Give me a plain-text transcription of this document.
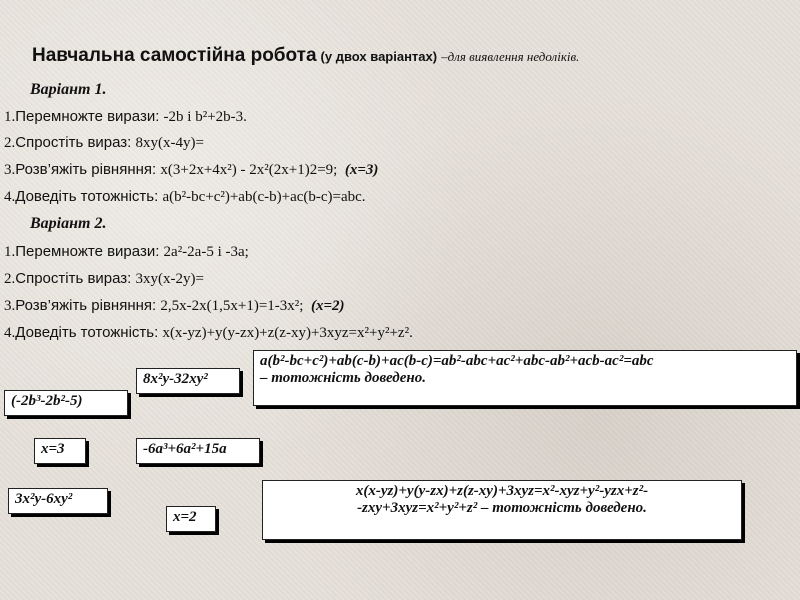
Навчальна самостійна робота (у двох варіантах) –для виявлення недоліків.
Варіант 1.
1.Перемножте вирази: -2b і b²+2b-3.
2.Спростіть вираз: 8xy(x-4y)=
3.Розв’яжіть рівняння: x(3+2x+4x²) - 2x²(2x+1)2=9; (x=3)
4.Доведіть тотожність: a(b²-bc+c²)+ab(c-b)+ac(b-c)=abc.
Варіант 2.
1.Перемножте вирази: 2a²-2a-5 і -3a;
2.Спростіть вираз: 3xy(x-2y)=
3.Розв’яжіть рівняння: 2,5x-2x(1,5x+1)=1-3x²; (x=2)
4.Доведіть тотожність: x(x-yz)+y(y-zx)+z(z-xy)+3xyz=x²+y²+z².
(-2b³-2b²-5)
8x²y-32xy²
a(b²-bc+c²)+ab(c-b)+ac(b-c)=ab²-abc+ac²+abc-ab²+acb-ac²=abc
– тотожність доведено.
x=3	-6a³+6a²+15a
3x²y-6xy²
x=2
x(x-yz)+y(y-zx)+z(z-xy)+3xyz=x²-xyz+y²-yzx+z²-
-zxy+3xyz=x²+y²+z² – тотожність доведено.
